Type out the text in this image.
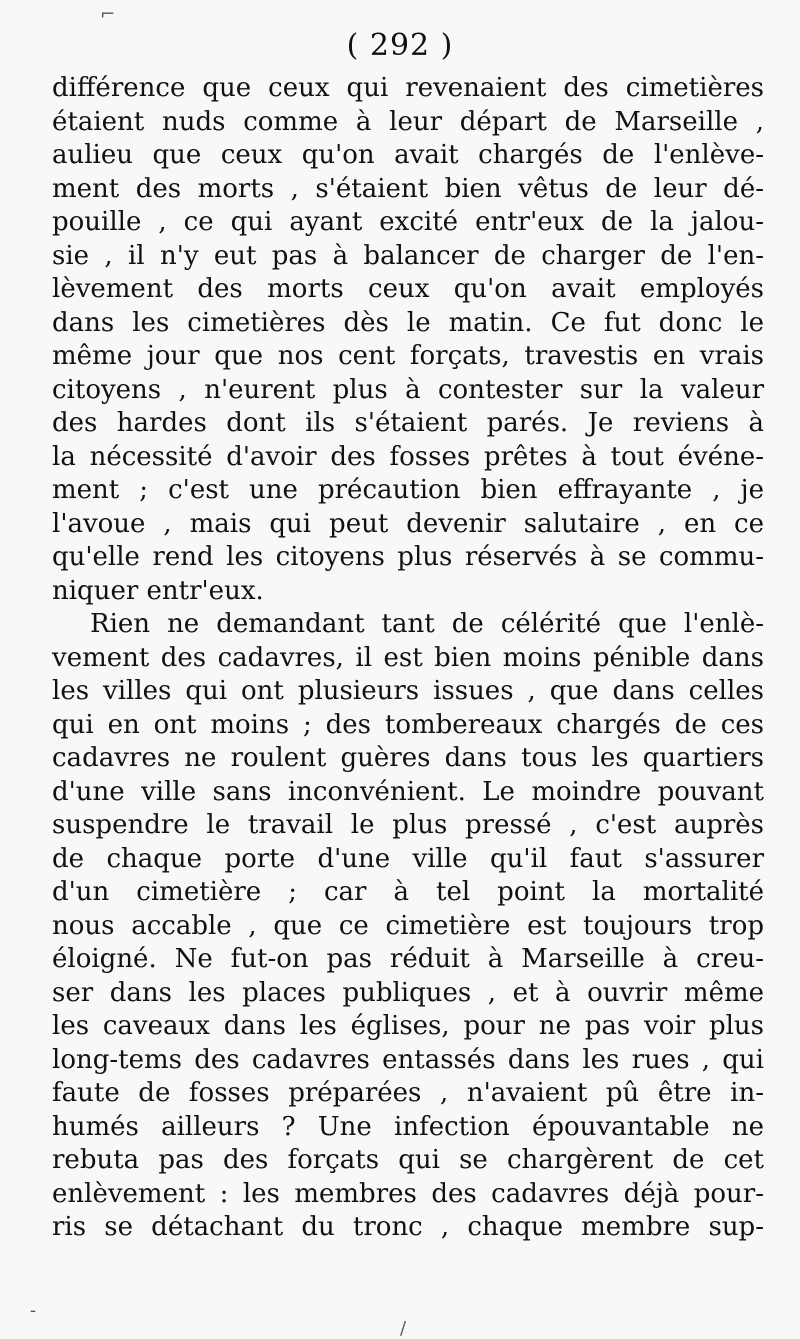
⌐
( 292 )
différence que ceux qui revenaient des cimetières
étaient nuds comme à leur départ de Marseille ,
aulieu que ceux qu'on avait chargés de l'enlève-
ment des morts , s'étaient bien vêtus de leur dé-
pouille , ce qui ayant excité entr'eux de la jalou-
sie , il n'y eut pas à balancer de charger de l'en-
lèvement des morts ceux qu'on avait employés
dans les cimetières dès le matin. Ce fut donc le
même jour que nos cent forçats, travestis en vrais
citoyens , n'eurent plus à contester sur la valeur
des hardes dont ils s'étaient parés. Je reviens à
la nécessité d'avoir des fosses prêtes à tout événe-
ment ; c'est une précaution bien effrayante , je
l'avoue , mais qui peut devenir salutaire , en ce
qu'elle rend les citoyens plus réservés à se commu-
niquer entr'eux.
Rien ne demandant tant de célérité que l'enlè-
vement des cadavres, il est bien moins pénible dans
les villes qui ont plusieurs issues , que dans celles
qui en ont moins ; des tombereaux chargés de ces
cadavres ne roulent guères dans tous les quartiers
d'une ville sans inconvénient. Le moindre pouvant
suspendre le travail le plus pressé , c'est auprès
de chaque porte d'une ville qu'il faut s'assurer
d'un cimetière ; car à tel point la mortalité
nous accable , que ce cimetière est toujours trop
éloigné. Ne fut-on pas réduit à Marseille à creu-
ser dans les places publiques , et à ouvrir même
les caveaux dans les églises, pour ne pas voir plus
long-tems des cadavres entassés dans les rues , qui
faute de fosses préparées , n'avaient pû être in-
humés ailleurs ? Une infection épouvantable ne
rebuta pas des forçats qui se chargèrent de cet
enlèvement : les membres des cadavres déjà pour-
ris se détachant du tronc , chaque membre sup-
‐
/
